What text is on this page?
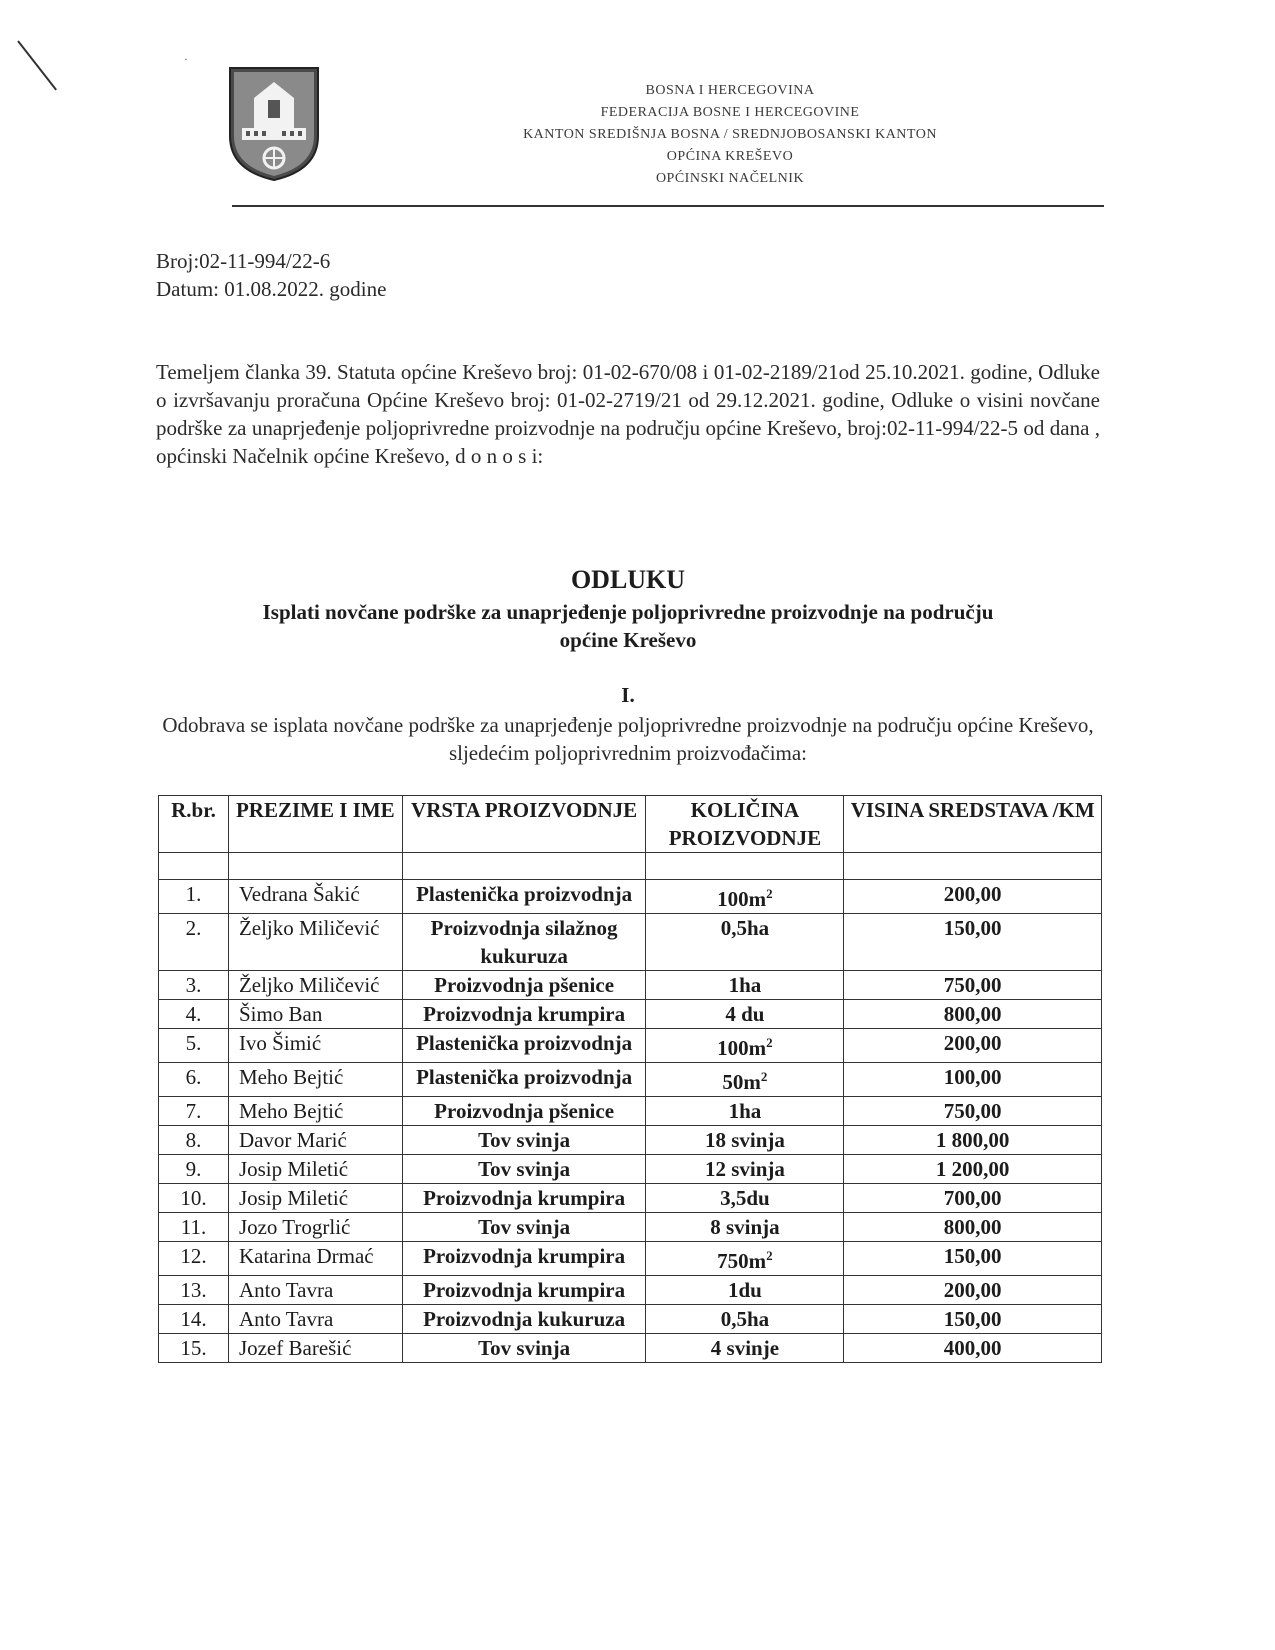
·
BOSNA I HERCEGOVINA
FEDERACIJA BOSNE I HERCEGOVINE
KANTON SREDIŠNJA BOSNA / SREDNJOBOSANSKI KANTON
OPĆINA KREŠEVO
OPĆINSKI NAČELNIK
Broj:02-11-994/22-6
Datum: 01.08.2022. godine
Temeljem članka 39. Statuta općine Kreševo broj: 01-02-670/08 i 01-02-2189/21od 25.10.2021. godine, Odluke o izvršavanju proračuna Općine Kreševo broj: 01-02-2719/21 od 29.12.2021. godine, Odluke o visini novčane podrške za unaprjeđenje poljoprivredne proizvodnje na području općine Kreševo, broj:02-11-994/22-5 od dana , općinski Načelnik općine Kreševo, d o n o s i:
ODLUKU
Isplati novčane podrške za unaprjeđenje poljoprivredne proizvodnje na području
općine Kreševo
I.
Odobrava se isplata novčane podrške za unaprjeđenje poljoprivredne proizvodnje na području općine Kreševo, sljedećim poljoprivrednim proizvođačima:
R.br.	PREZIME I IME	VRSTA PROIZVODNJE	KOLIČINA PROIZVODNJE	VISINA SREDSTAVA /KM

1.	Vedrana Šakić	Plastenička proizvodnja	$100m^2$	200,00
2.	Željko Miličević	Proizvodnja silažnog kukuruza	0,5ha	150,00
3.	Željko Miličević	Proizvodnja pšenice	1ha	750,00
4.	Šimo Ban	Proizvodnja krumpira	4 du	800,00
5.	Ivo Šimić	Plastenička proizvodnja	$100m^2$	200,00
6.	Meho Bejtić	Plastenička proizvodnja	$50m^2$	100,00
7.	Meho Bejtić	Proizvodnja pšenice	1ha	750,00
8.	Davor Marić	Tov svinja	18 svinja	1 800,00
9.	Josip Miletić	Tov svinja	12 svinja	1 200,00
10.	Josip Miletić	Proizvodnja krumpira	3,5du	700,00
11.	Jozo Trogrlić	Tov svinja	8 svinja	800,00
12.	Katarina Drmać	Proizvodnja krumpira	$750m^2$	150,00
13.	Anto Tavra	Proizvodnja krumpira	1du	200,00
14.	Anto Tavra	Proizvodnja kukuruza	0,5ha	150,00
15.	Jozef Barešić	Tov svinja	4 svinje	400,00
